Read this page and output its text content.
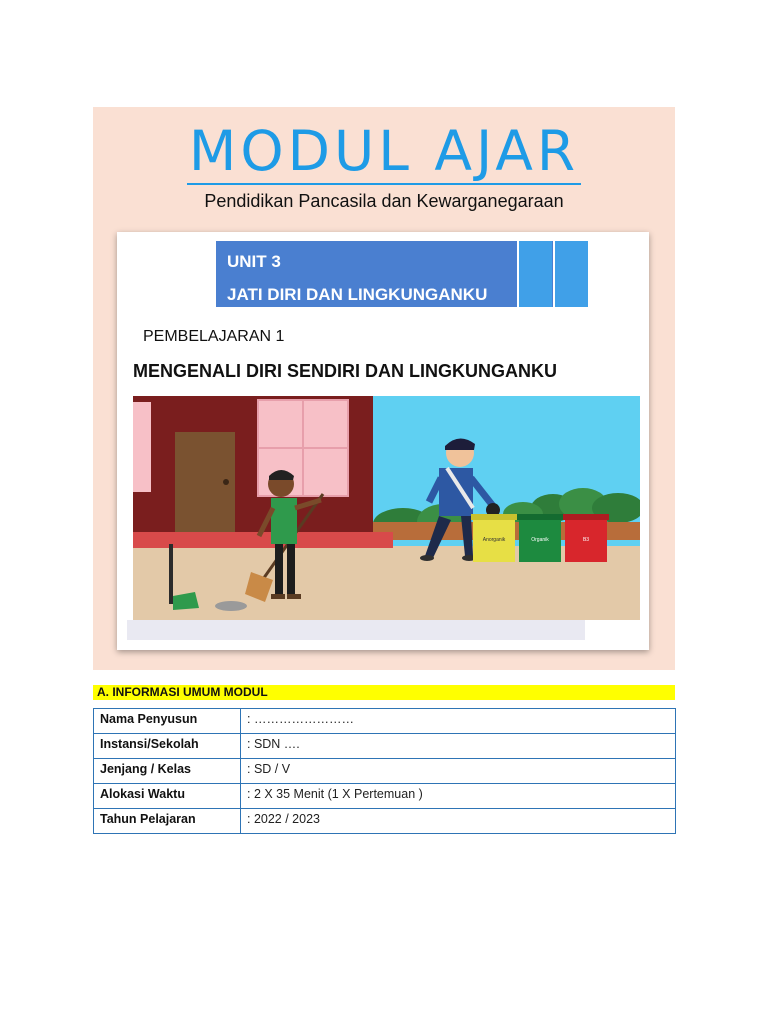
MODUL AJAR
Pendidikan Pancasila dan Kewarganegaraan
UNIT 3
JATI DIRI DAN LINGKUNGANKU
PEMBELAJARAN 1
MENGENALI DIRI SENDIRI DAN LINGKUNGANKU
Anorganik	Organik	B3
A. INFORMASI UMUM MODUL
Nama Penyusun	: ……………………
Instansi/Sekolah	: SDN ….
Jenjang / Kelas	: SD / V
Alokasi Waktu	: 2 X 35 Menit (1 X Pertemuan )
Tahun Pelajaran	: 2022 / 2023
